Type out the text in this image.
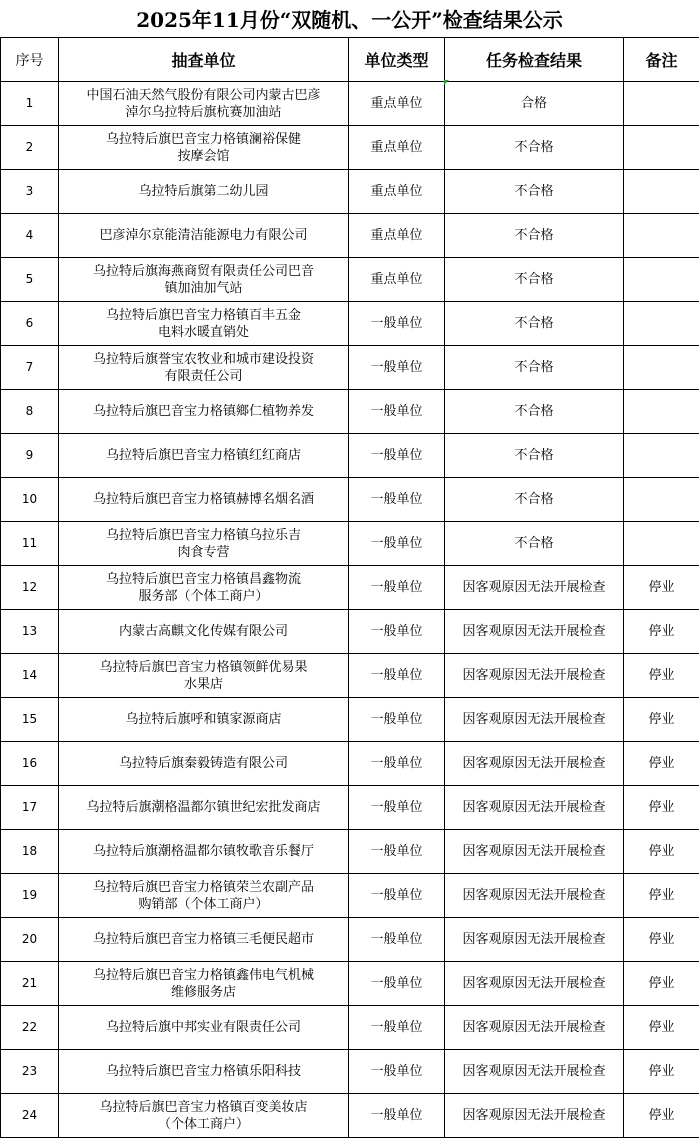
2025年11月份“双随机、一公开”检查结果公示
序号	抽查单位	单位类型	任务检查结果	备注
1	中国石油天然气股份有限公司内蒙古巴彦
淖尔乌拉特后旗杭赛加油站	重点单位	合格	
2	乌拉特后旗巴音宝力格镇澜裕保健
按摩会馆	重点单位	不合格	
3	乌拉特后旗第二幼儿园	重点单位	不合格	
4	巴彦淖尔京能清洁能源电力有限公司	重点单位	不合格	
5	乌拉特后旗海燕商贸有限责任公司巴音
镇加油加气站	重点单位	不合格	
6	乌拉特后旗巴音宝力格镇百丰五金
电料水暖直销处	一般单位	不合格	
7	乌拉特后旗誉宝农牧业和城市建设投资
有限责任公司	一般单位	不合格	
8	乌拉特后旗巴音宝力格镇鄉仁植物养发	一般单位	不合格	
9	乌拉特后旗巴音宝力格镇红红商店	一般单位	不合格	
10	乌拉特后旗巴音宝力格镇赫博名烟名酒	一般单位	不合格	
11	乌拉特后旗巴音宝力格镇乌拉乐吉
肉食专营	一般单位	不合格	
12	乌拉特后旗巴音宝力格镇昌鑫物流
服务部（个体工商户）	一般单位	因客观原因无法开展检查	停业
13	内蒙古高麒文化传媒有限公司	一般单位	因客观原因无法开展检查	停业
14	乌拉特后旗巴音宝力格镇领鲜优易果
水果店	一般单位	因客观原因无法开展检查	停业
15	乌拉特后旗呼和镇家源商店	一般单位	因客观原因无法开展检查	停业
16	乌拉特后旗秦毅铸造有限公司	一般单位	因客观原因无法开展检查	停业
17	乌拉特后旗潮格温都尔镇世纪宏批发商店	一般单位	因客观原因无法开展检查	停业
18	乌拉特后旗潮格温都尔镇牧歌音乐餐厅	一般单位	因客观原因无法开展检查	停业
19	乌拉特后旗巴音宝力格镇荣兰农副产品
购销部（个体工商户）	一般单位	因客观原因无法开展检查	停业
20	乌拉特后旗巴音宝力格镇三毛便民超市	一般单位	因客观原因无法开展检查	停业
21	乌拉特后旗巴音宝力格镇鑫伟电气机械
维修服务店	一般单位	因客观原因无法开展检查	停业
22	乌拉特后旗中邦实业有限责任公司	一般单位	因客观原因无法开展检查	停业
23	乌拉特后旗巴音宝力格镇乐阳科技	一般单位	因客观原因无法开展检查	停业
24	乌拉特后旗巴音宝力格镇百变美妆店
（个体工商户）	一般单位	因客观原因无法开展检查	停业
